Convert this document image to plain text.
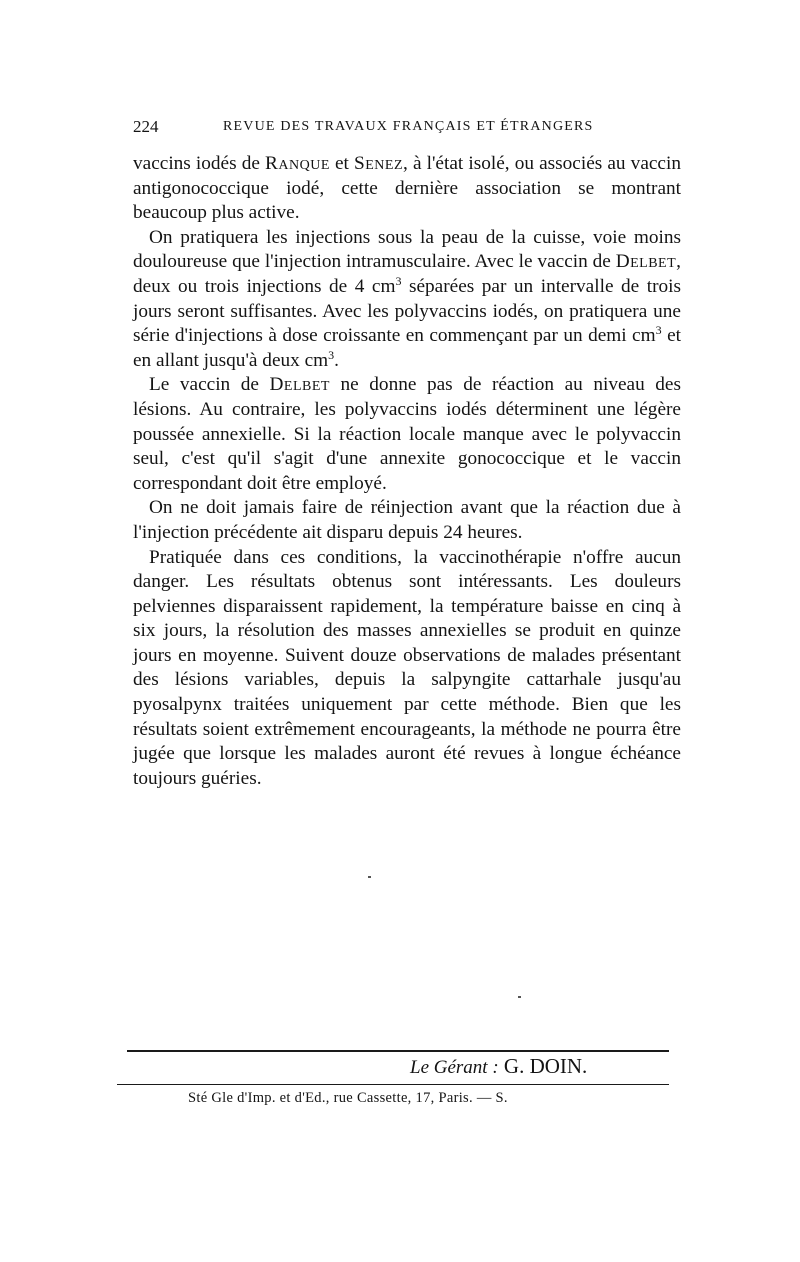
224	REVUE DES TRAVAUX FRANÇAIS ET ÉTRANGERS

vaccins iodés de Ranque et Senez, à l'état isolé, ou associés au vaccin antigonococcique iodé, cette dernière association se montrant beaucoup plus active.

On pratiquera les injections sous la peau de la cuisse, voie moins douloureuse que l'injection intramusculaire. Avec le vaccin de Delbet, deux ou trois injections de 4 $cm^3$ séparées par un intervalle de trois jours seront suffisantes. Avec les polyvaccins iodés, on pratiquera une série d'injections à dose croissante en commençant par un demi $cm^3$ et en allant jusqu'à deux $cm^3$.

Le vaccin de Delbet ne donne pas de réaction au niveau des lésions. Au contraire, les polyvaccins iodés déterminent une légère poussée annexielle. Si la réaction locale manque avec le polyvaccin seul, c'est qu'il s'agit d'une annexite gonococcique et le vaccin correspondant doit être employé.

On ne doit jamais faire de réinjection avant que la réaction due à l'injection précédente ait disparu depuis 24 heures.

Pratiquée dans ces conditions, la vaccinothérapie n'offre aucun danger. Les résultats obtenus sont intéressants. Les douleurs pelviennes disparaissent rapidement, la température baisse en cinq à six jours, la résolution des masses annexielles se produit en quinze jours en moyenne. Suivent douze observations de malades présentant des lésions variables, depuis la salpyngite cattarhale jusqu'au pyosalpynx traitées uniquement par cette méthode. Bien que les résultats soient extrêmement encourageants, la méthode ne pourra être jugée que lorsque les malades auront été revues à longue échéance toujours guéries.

Le Gérant : G. DOIN.
Sté Gle d'Imp. et d'Ed., rue Cassette, 17, Paris. — S.
